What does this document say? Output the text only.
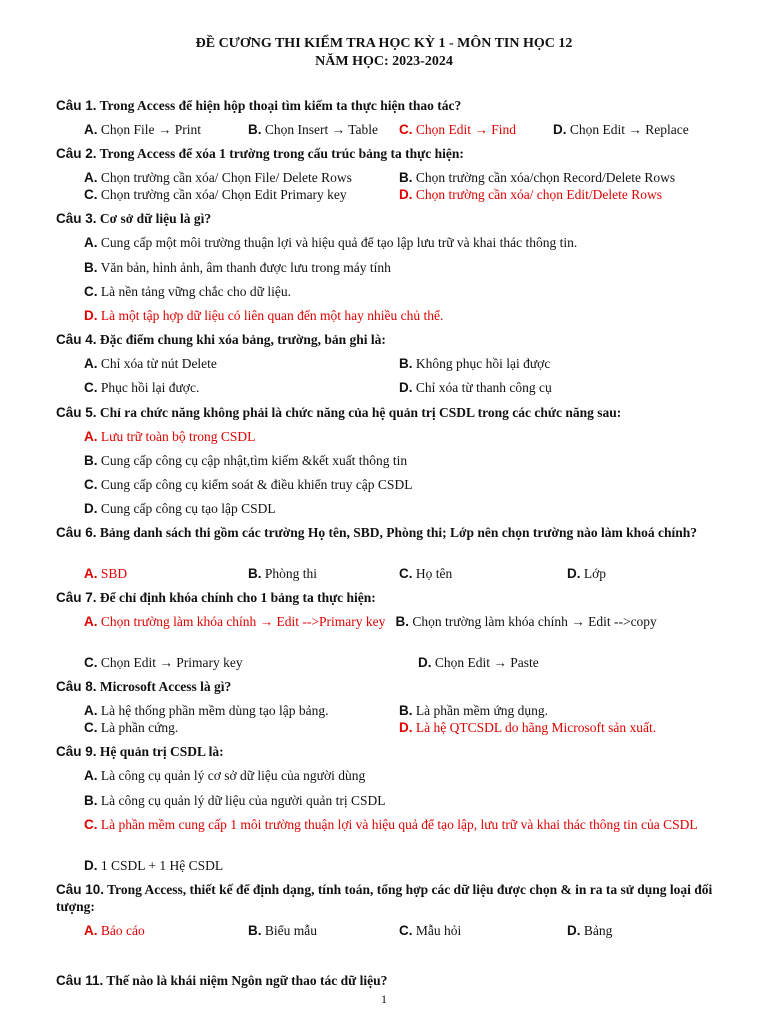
ĐỀ CƯƠNG THI KIỂM TRA HỌC KỲ 1 - MÔN TIN HỌC 12
NĂM HỌC: 2023-2024
Câu 1. Trong Access để hiện hộp thoại tìm kiếm ta thực hiện thao tác?
A. Chọn File → Print	B. Chọn Insert → Table C. Chọn Edit → Find	D. Chọn Edit → Replace
Câu 2. Trong Access để xóa 1 trường trong cấu trúc bảng ta thực hiện:
A. Chọn trường cần xóa/ Chọn File/ Delete Rows	B. Chọn trường cần xóa/chọn Record/Delete Rows
C. Chọn trường cần xóa/ Chọn Edit Primary key	D. Chọn trường cần xóa/ chọn Edit/Delete Rows
Câu 3. Cơ sở dữ liệu là gì?
A. Cung cấp một môi trường thuận lợi và hiệu quả để tạo lập lưu trữ và khai thác thông tin.
B. Văn bản, hình ảnh, âm thanh được lưu trong máy tính
C. Là nền tảng vững chắc cho dữ liệu.
D. Là một tập hợp dữ liệu có liên quan đến một hay nhiều chủ thể.
Câu 4. Đặc điểm chung khi xóa bảng, trường, bản ghi là:
A. Chỉ xóa từ nút Delete	B. Không phục hồi lại được
C. Phục hồi lại được.	D. Chỉ xóa từ thanh công cụ
Câu 5. Chỉ ra chức năng không phải là chức năng của hệ quản trị CSDL trong các chức năng sau:
A. Lưu trữ toàn bộ trong CSDL
B. Cung cấp công cụ cập nhật,tìm kiếm &kết xuất thông tin
C. Cung cấp công cụ kiểm soát & điều khiển truy cập CSDL
D. Cung cấp công cụ tạo lập CSDL
Câu 6. Bảng danh sách thi gồm các trường Họ tên, SBD, Phòng thi; Lớp nên chọn trường nào làm khoá chính?
A. SBD	B. Phòng thi	C. Họ tên	D. Lớp
Câu 7. Để chỉ định khóa chính cho 1 bảng ta thực hiện:
A. Chọn trường làm khóa chính → Edit -->Primary key B. Chọn trường làm khóa chính → Edit -->copy
C. Chọn Edit → Primary key	D. Chọn Edit → Paste
Câu 8. Microsoft Access là gì?
A. Là hệ thống phần mềm dùng tạo lập bảng.	B. Là phần mềm ứng dụng.
C. Là phần cứng.	D. Là hệ QTCSDL do hãng Microsoft sản xuất.
Câu 9. Hệ quản trị CSDL là:
A. Là công cụ quản lý cơ sở dữ liệu của người dùng
B. Là công cụ quản lý dữ liệu của người quản trị CSDL
C. Là phần mềm cung cấp 1 môi trường thuận lợi và hiệu quả để tạo lập, lưu trữ và khai thác thông tin của CSDL
D. 1 CSDL + 1 Hệ CSDL
Câu 10. Trong Access, thiết kế để định dạng, tính toán, tổng hợp các dữ liệu được chọn & in ra ta sử dụng loại đối tượng:
A. Báo cáo	B. Biểu mẫu	C. Mẫu hỏi	D. Bảng
Câu 11. Thế nào là khái niệm Ngôn ngữ thao tác dữ liệu?
1
